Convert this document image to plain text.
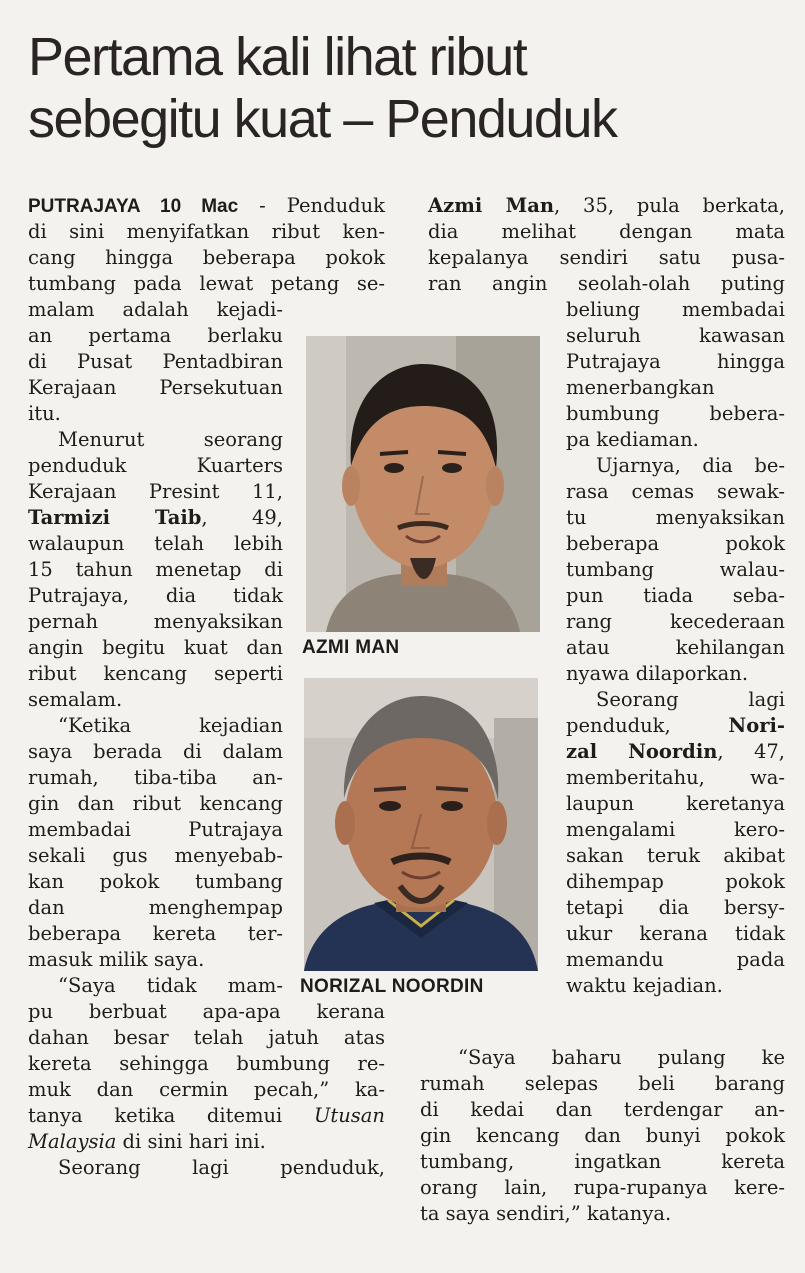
Pertama kali lihat ribut
sebegitu kuat – Penduduk
AZMI MAN
NORIZAL NOORDIN
PUTRAJAYA 10 Mac - Penduduk
di sini menyifatkan ribut ken-
cang hingga beberapa pokok
tumbang pada lewat petang se-
malam adalah kejadi-
an pertama berlaku
di Pusat Pentadbiran
Kerajaan Persekutuan
itu.
Menurut seorang
penduduk Kuarters
Kerajaan Presint 11,
Tarmizi Taib, 49,
walaupun telah lebih
15 tahun menetap di
Putrajaya, dia tidak
pernah menyaksikan
angin begitu kuat dan
ribut kencang seperti
semalam.
“Ketika kejadian
saya berada di dalam
rumah, tiba-tiba an-
gin dan ribut kencang
membadai Putrajaya
sekali gus menyebab-
kan pokok tumbang
dan menghempap
beberapa kereta ter-
masuk milik saya.
“Saya tidak mam-
pu berbuat apa-apa kerana
dahan besar telah jatuh atas
kereta sehingga bumbung re-
muk dan cermin pecah,” ka-
tanya ketika ditemui Utusan
Malaysia di sini hari ini.
Seorang lagi penduduk,
Azmi Man, 35, pula berkata,
dia melihat dengan mata
kepalanya sendiri satu pusa-
ran angin seolah-olah puting
beliung membadai
seluruh kawasan
Putrajaya hingga
menerbangkan
bumbung bebera-
pa kediaman.
Ujarnya, dia be-
rasa cemas sewak-
tu menyaksikan
beberapa pokok
tumbang walau-
pun tiada seba-
rang kecederaan
atau kehilangan
nyawa dilaporkan.
Seorang lagi
penduduk, Nori-
zal Noordin, 47,
memberitahu, wa-
laupun keretanya
mengalami kero-
sakan teruk akibat
dihempap pokok
tetapi dia bersy-
ukur kerana tidak
memandu pada
waktu kejadian.
“Saya baharu pulang ke
rumah selepas beli barang
di kedai dan terdengar an-
gin kencang dan bunyi pokok
tumbang, ingatkan kereta
orang lain, rupa-rupanya kere-
ta saya sendiri,” katanya.
